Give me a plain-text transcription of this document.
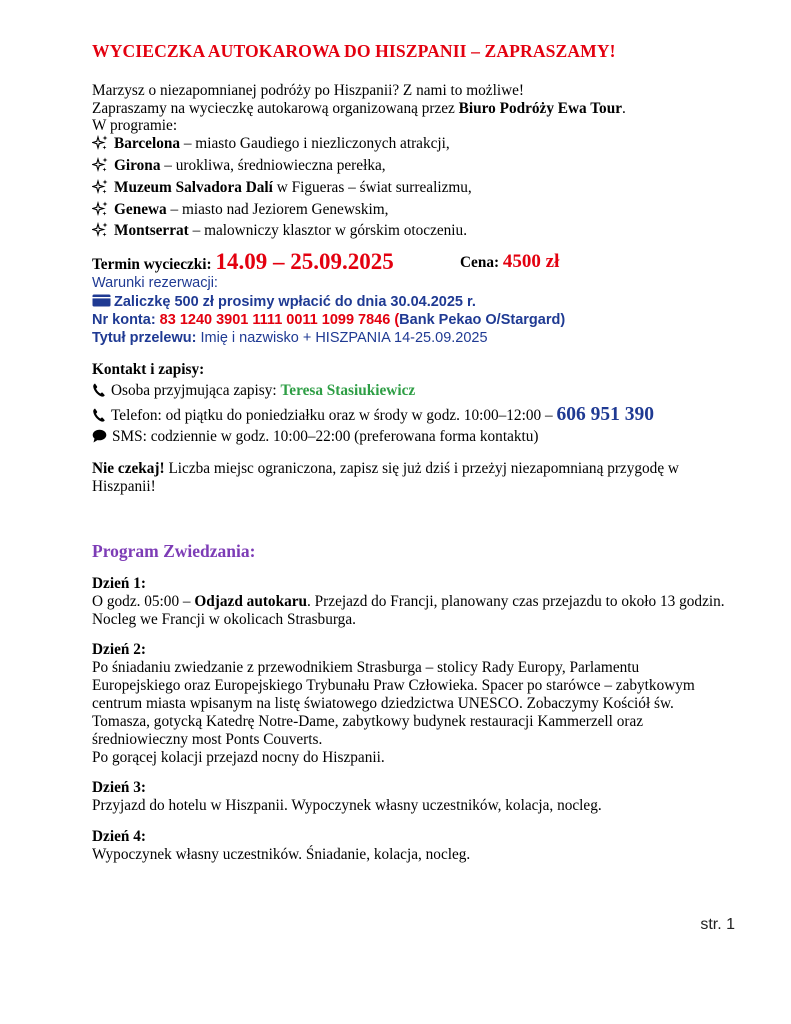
WYCIECZKA AUTOKAROWA DO HISZPANII – ZAPRASZAMY!
Marzysz o niezapomnianej podróży po Hiszpanii? Z nami to możliwe!
Zapraszamy na wycieczkę autokarową organizowaną przez Biuro Podróży Ewa Tour.
W programie:
Barcelona – miasto Gaudiego i niezliczonych atrakcji,
Girona – urokliwa, średniowieczna perełka,
Muzeum Salvadora Dalí w Figueras – świat surrealizmu,
Genewa – miasto nad Jeziorem Genewskim,
Montserrat – malowniczy klasztor w górskim otoczeniu.
Termin wycieczki: 14.09 – 25.09.2025	Cena: 4500 zł
Warunki rezerwacji:
Zaliczkę 500 zł prosimy wpłacić do dnia 30.04.2025 r.
Nr konta: 83 1240 3901 1111 0011 1099 7846 (Bank Pekao O/Stargard)
Tytuł przelewu: Imię i nazwisko + HISZPANIA 14-25.09.2025
Kontakt i zapisy:
Osoba przyjmująca zapisy: Teresa Stasiukiewicz
Telefon: od piątku do poniedziałku oraz w środy w godz. 10:00–12:00 – 606 951 390
SMS: codziennie w godz. 10:00–22:00 (preferowana forma kontaktu)
Nie czekaj! Liczba miejsc ograniczona, zapisz się już dziś i przeżyj niezapomnianą przygodę w Hiszpanii!
Program Zwiedzania:
Dzień 1:
O godz. 05:00 – Odjazd autokaru. Przejazd do Francji, planowany czas przejazdu to około 13 godzin.
Nocleg we Francji w okolicach Strasburga.
Dzień 2:
Po śniadaniu zwiedzanie z przewodnikiem Strasburga – stolicy Rady Europy, Parlamentu
Europejskiego oraz Europejskiego Trybunału Praw Człowieka. Spacer po starówce – zabytkowym
centrum miasta wpisanym na listę światowego dziedzictwa UNESCO. Zobaczymy Kościół św.
Tomasza, gotycką Katedrę Notre-Dame, zabytkowy budynek restauracji Kammerzell oraz
średniowieczny most Ponts Couverts.
Po gorącej kolacji przejazd nocny do Hiszpanii.
Dzień 3:
Przyjazd do hotelu w Hiszpanii. Wypoczynek własny uczestników, kolacja, nocleg.
Dzień 4:
Wypoczynek własny uczestników. Śniadanie, kolacja, nocleg.
str. 1
